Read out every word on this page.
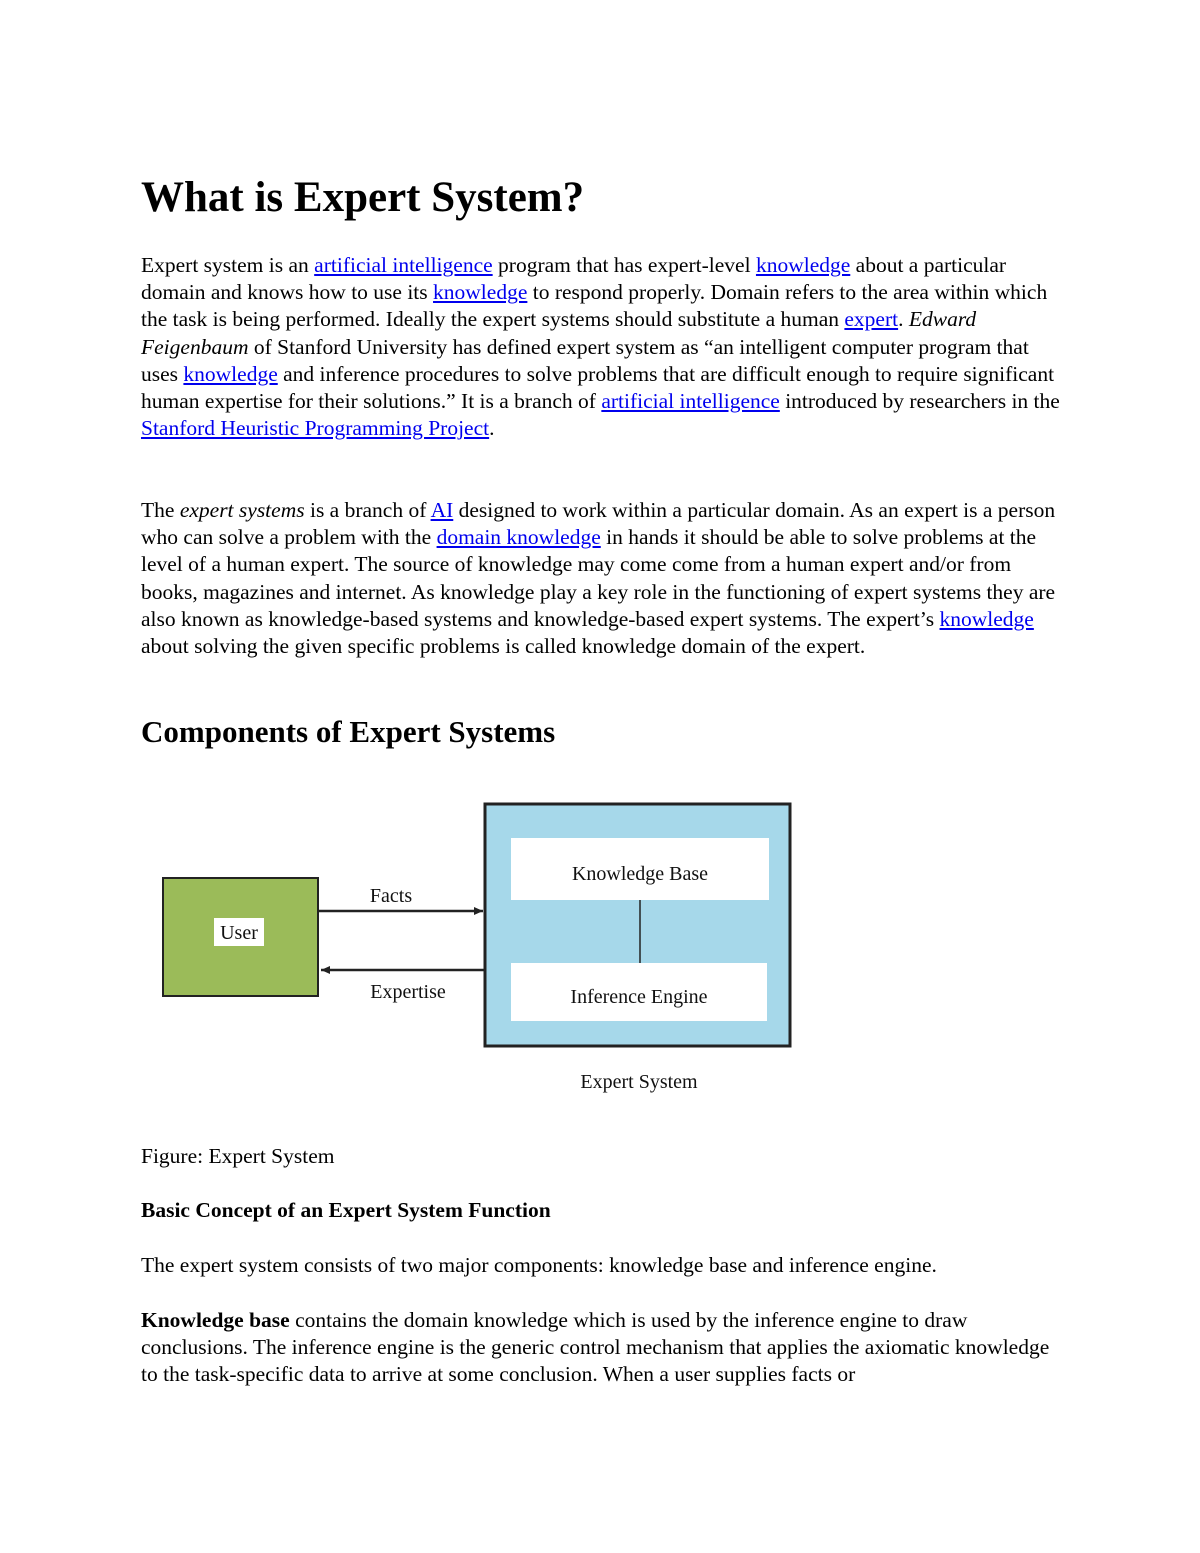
What is Expert System?

Expert system is an artificial intelligence program that has expert-level knowledge about a particular domain and knows how to use its knowledge to respond properly. Domain refers to the area within which the task is being performed. Ideally the expert systems should substitute a human expert. Edward Feigenbaum of Stanford University has defined expert system as “an intelligent computer program that uses knowledge and inference procedures to solve problems that are difficult enough to require significant human expertise for their solutions.” It is a branch of artificial intelligence introduced by researchers in the Stanford Heuristic Programming Project.

The expert systems is a branch of AI designed to work within a particular domain. As an expert is a person who can solve a problem with the domain knowledge in hands it should be able to solve problems at the level of a human expert. The source of knowledge may come come from a human expert and/or from books, magazines and internet. As knowledge play a key role in the functioning of expert systems they are also known as knowledge-based systems and knowledge-based expert systems. The expert’s knowledge about solving the given specific problems is called knowledge domain of the expert.

Components of Expert Systems
User
Knowledge Base
Inference Engine
Facts
Expertise
Expert System

Figure: Expert System

Basic Concept of an Expert System Function

The expert system consists of two major components: knowledge base and inference engine.

Knowledge base contains the domain knowledge which is used by the inference engine to draw conclusions. The inference engine is the generic control mechanism that applies the axiomatic knowledge to the task-specific data to arrive at some conclusion. When a user supplies facts or
